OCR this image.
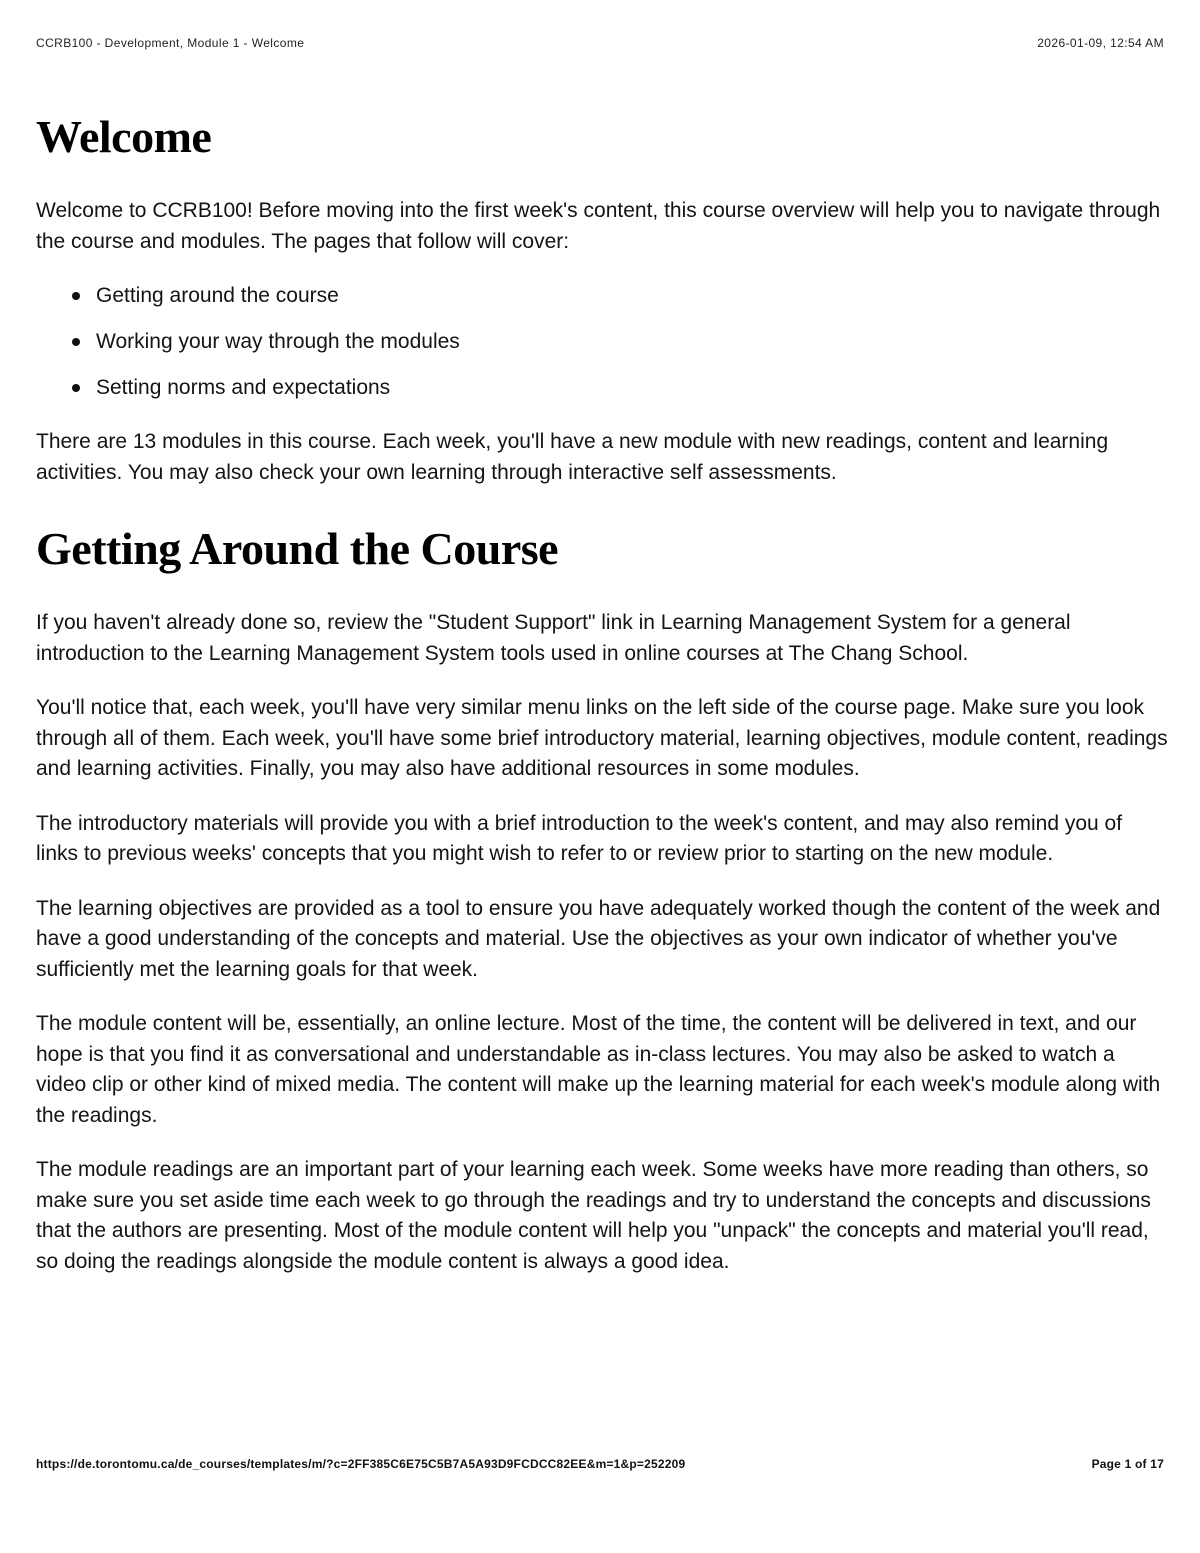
CCRB100 - Development, Module 1 - Welcome	2026-01-09, 12:54 AM
Welcome

Welcome to CCRB100! Before moving into the first week's content, this course overview will help you to navigate through the course and modules. The pages that follow will cover:

Getting around the course
Working your way through the modules
Setting norms and expectations

There are 13 modules in this course. Each week, you'll have a new module with new readings, content and learning activities. You may also check your own learning through interactive self assessments.

Getting Around the Course

If you haven't already done so, review the "Student Support" link in Learning Management System for a general introduction to the Learning Management System tools used in online courses at The Chang School.

You'll notice that, each week, you'll have very similar menu links on the left side of the course page. Make sure you look through all of them. Each week, you'll have some brief introductory material, learning objectives, module content, readings and learning activities. Finally, you may also have additional resources in some modules.

The introductory materials will provide you with a brief introduction to the week's content, and may also remind you of links to previous weeks' concepts that you might wish to refer to or review prior to starting on the new module.

The learning objectives are provided as a tool to ensure you have adequately worked though the content of the week and have a good understanding of the concepts and material. Use the objectives as your own indicator of whether you've sufficiently met the learning goals for that week.

The module content will be, essentially, an online lecture. Most of the time, the content will be delivered in text, and our hope is that you find it as conversational and understandable as in-class lectures. You may also be asked to watch a video clip or other kind of mixed media. The content will make up the learning material for each week's module along with the readings.

The module readings are an important part of your learning each week. Some weeks have more reading than others, so make sure you set aside time each week to go through the readings and try to understand the concepts and discussions that the authors are presenting. Most of the module content will help you "unpack" the concepts and material you'll read, so doing the readings alongside the module content is always a good idea.

https://de.torontomu.ca/de_courses/templates/m/?c=2FF385C6E75C5B7A5A93D9FCDCC82EE&m=1&p=252209	Page 1 of 17
